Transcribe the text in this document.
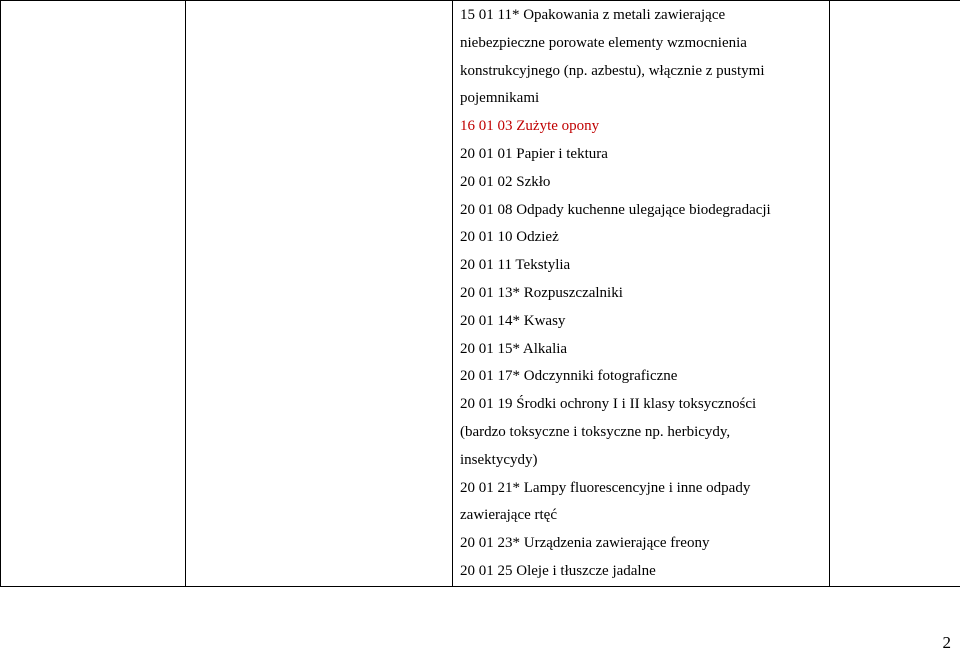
15 01 11* Opakowania z metali zawierające
niebezpieczne porowate elementy wzmocnienia
konstrukcyjnego (np. azbestu), włącznie z pustymi
pojemnikami
16 01 03 Zużyte opony
20 01 01 Papier i tektura
20 01 02 Szkło
20 01 08 Odpady kuchenne ulegające biodegradacji
20 01 10 Odzież
20 01 11 Tekstylia
20 01 13* Rozpuszczalniki
20 01 14* Kwasy
20 01 15* Alkalia
20 01 17* Odczynniki fotograficzne
20 01 19 Środki ochrony I i II klasy toksyczności
(bardzo toksyczne i toksyczne np. herbicydy,
insektycydy)
20 01 21* Lampy fluorescencyjne i inne odpady
zawierające rtęć
20 01 23* Urządzenia zawierające freony
20 01 25 Oleje i tłuszcze jadalne

2
